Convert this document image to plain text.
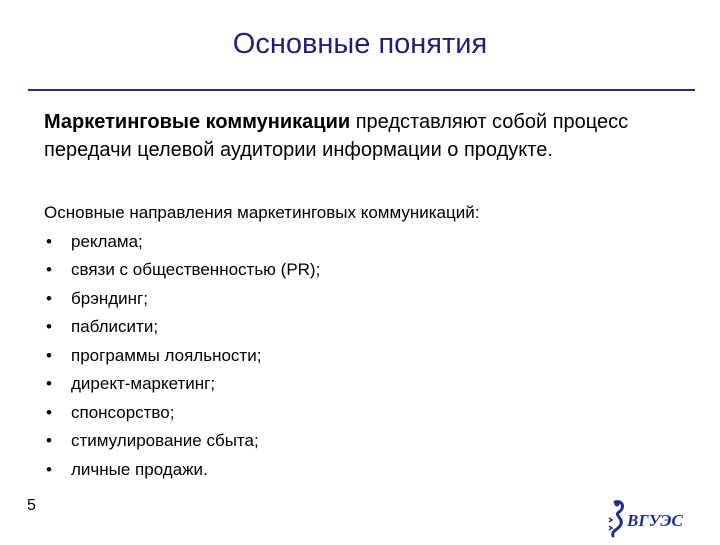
Основные понятия
Маркетинговые коммуникации представляют собой процесс передачи целевой аудитории информации о продукте.
Основные направления маркетинговых коммуникаций:
• реклама;
• связи с общественностью (PR);
• брэндинг;
• паблисити;
• программы лояльности;
• директ-маркетинг;
• спонсорство;
• стимулирование сбыта;
• личные продажи.
5
ВГУЭС
